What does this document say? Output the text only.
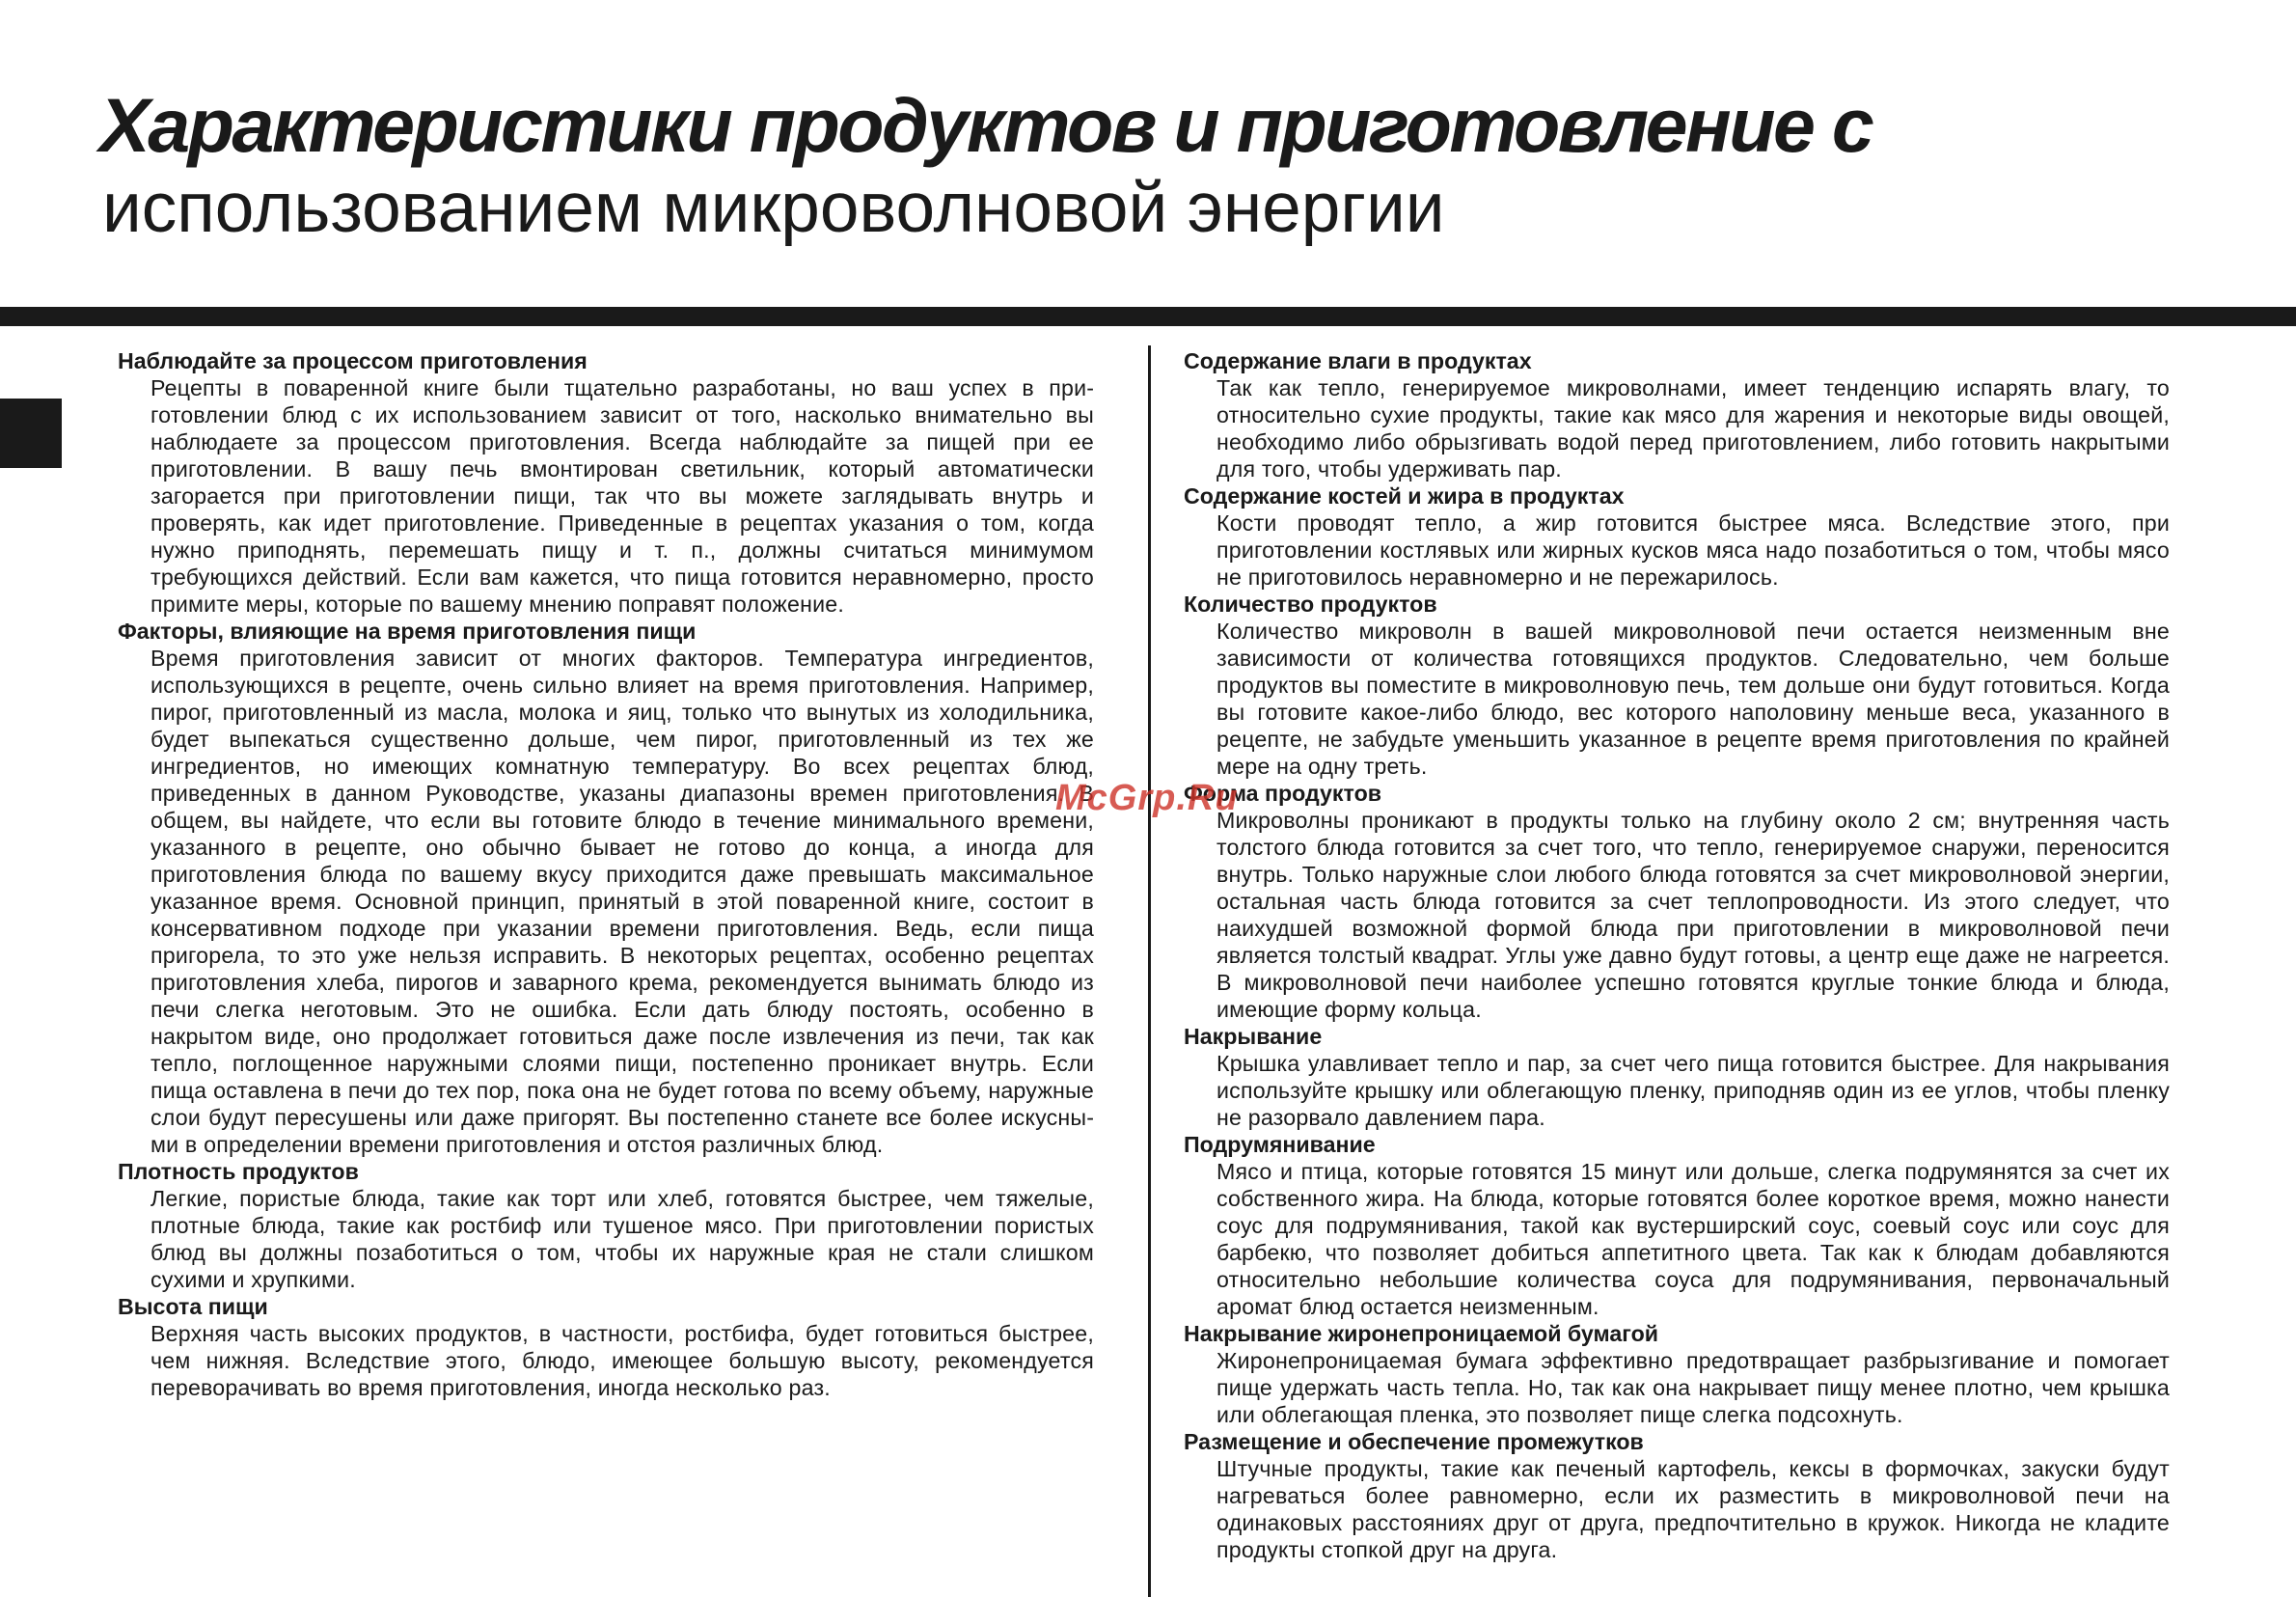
Характеристики продуктов и приготовление с
использованием микроволновой энергии
Наблюдайте за процессом приготовления

Рецепты в поваренной книге были тщательно разработаны, но ваш успех в приготовлении блюд с их использованием зависит от того, насколько внимательно вы наблюдаете за процессом приготовления. Всегда наблюдайте за пищей при ее приготовлении. В вашу печь вмонтирован светильник, который автоматически загорается при приготовлении пищи, так что вы можете заглядывать внутрь и проверять, как идет приготовление. Приведенные в рецептах указания о том, когда нужно приподнять, перемешать пищу и т. п., должны считаться минимумом требующихся действий. Если вам кажется, что пища готовится неравномерно, просто примите меры, которые по вашему мнению поправят положение.

Факторы, влияющие на время приготовления пищи

Время приготовления зависит от многих факторов. Температура ингредиентов, использующихся в рецепте, очень сильно влияет на время приготовления. Например, пирог, приготовленный из масла, молока и яиц, только что вынутых из холодильника, будет выпекаться существенно дольше, чем пирог, приготовленный из тех же ингредиентов, но имеющих комнатную температуру. Во всех рецептах блюд, приведенных в данном Руководстве, указаны диапазоны времен приготовления. В общем, вы найдете, что если вы готовите блюдо в течение минимального времени, указанного в рецепте, оно обычно бывает не готово до конца, а иногда для приготовления блюда по вашему вкусу приходится даже превышать максимальное указанное время. Основной принцип, принятый в этой поваренной книге, состоит в консервативном подходе при указании времени приготовления. Ведь, если пища пригорела, то это уже нельзя исправить. В некоторых рецептах, особенно рецептах приготовления хлеба, пирогов и заварного крема, рекомендуется вынимать блюдо из печи слегка неготовым. Это не ошибка. Если дать блюду постоять, особенно в накрытом виде, оно продолжает готовиться даже после извлечения из печи, так как тепло, поглощенное наружными слоями пищи, постепенно проникает внутрь. Если пища оставлена в печи до тех пор, пока она не будет готова по всему объему, наружные слои будут пересушены или даже пригорят. Вы постепенно станете все более искусными в определении времени приготовления и отстоя различных блюд.

Плотность продуктов

Легкие, пористые блюда, такие как торт или хлеб, готовятся быстрее, чем тяжелые, плотные блюда, такие как ростбиф или тушеное мясо. При приготовлении пористых блюд вы должны позаботиться о том, чтобы их наружные края не стали слишком сухими и хрупкими.

Высота пищи

Верхняя часть высоких продуктов, в частности, ростбифа, будет готовиться быстрее, чем нижняя. Вследствие этого, блюдо, имеющее большую высоту, рекомендуется переворачивать во время приготовления, иногда несколько раз.

Содержание влаги в продуктах

Так как тепло, генерируемое микроволнами, имеет тенденцию испарять влагу, то относительно сухие продукты, такие как мясо для жарения и некоторые виды овощей, необходимо либо обрызгивать водой перед приготовлением, либо готовить накрытыми для того, чтобы удерживать пар.

Содержание костей и жира в продуктах

Кости проводят тепло, а жир готовится быстрее мяса. Вследствие этого, при приготовлении костлявых или жирных кусков мяса надо позаботиться о том, чтобы мясо не приготовилось неравномерно и не пережарилось.

Количество продуктов

Количество микроволн в вашей микроволновой печи остается неизменным вне зависимости от количества готовящихся продуктов. Следовательно, чем больше продуктов вы поместите в микроволновую печь, тем дольше они будут готовиться. Когда вы готовите какое-либо блюдо, вес которого наполовину меньше веса, указанного в рецепте, не забудьте уменьшить указанное в рецепте время приготовления по крайней мере на одну треть.

Форма продуктов

Микроволны проникают в продукты только на глубину около 2 см; внутренняя часть толстого блюда готовится за счет того, что тепло, генерируемое снаружи, переносится внутрь. Только наружные слои любого блюда готовятся за счет микроволновой энергии, остальная часть блюда готовится за счет теплопроводности. Из этого следует, что наихудшей возможной формой блюда при приготовлении в микроволновой печи является толстый квадрат. Углы уже давно будут готовы, а центр еще даже не нагреется. В микроволновой печи наиболее успешно готовятся круглые тонкие блюда и блюда, имеющие форму кольца.

Накрывание

Крышка улавливает тепло и пар, за счет чего пища готовится быстрее. Для накрывания используйте крышку или облегающую пленку, приподняв один из ее углов, чтобы пленку не разорвало давлением пара.

Подрумянивание

Мясо и птица, которые готовятся 15 минут или дольше, слегка подрумянятся за счет их собственного жира. На блюда, которые готовятся более короткое время, можно нанести соус для подрумянивания, такой как вустерширский соус, соевый соус или соус для барбекю, что позволяет добиться аппетитного цвета. Так как к блюдам добавляются относительно небольшие количества соуса для подрумянивания, первоначальный аромат блюд остается неизменным.

Накрывание жиронепроницаемой бумагой

Жиронепроницаемая бумага эффективно предотвращает разбрызгивание и помогает пище удержать часть тепла. Но, так как она накрывает пищу менее плотно, чем крышка или облегающая пленка, это позволяет пище слегка подсохнуть.

Размещение и обеспечение промежутков

Штучные продукты, такие как печеный картофель, кексы в формочках, закуски будут нагреваться более равномерно, если их разместить в микроволновой печи на одинаковых расстояниях друг от друга, предпочтительно в кружок. Никогда не кладите продукты стопкой друг на друга.

McGrp.Ru
